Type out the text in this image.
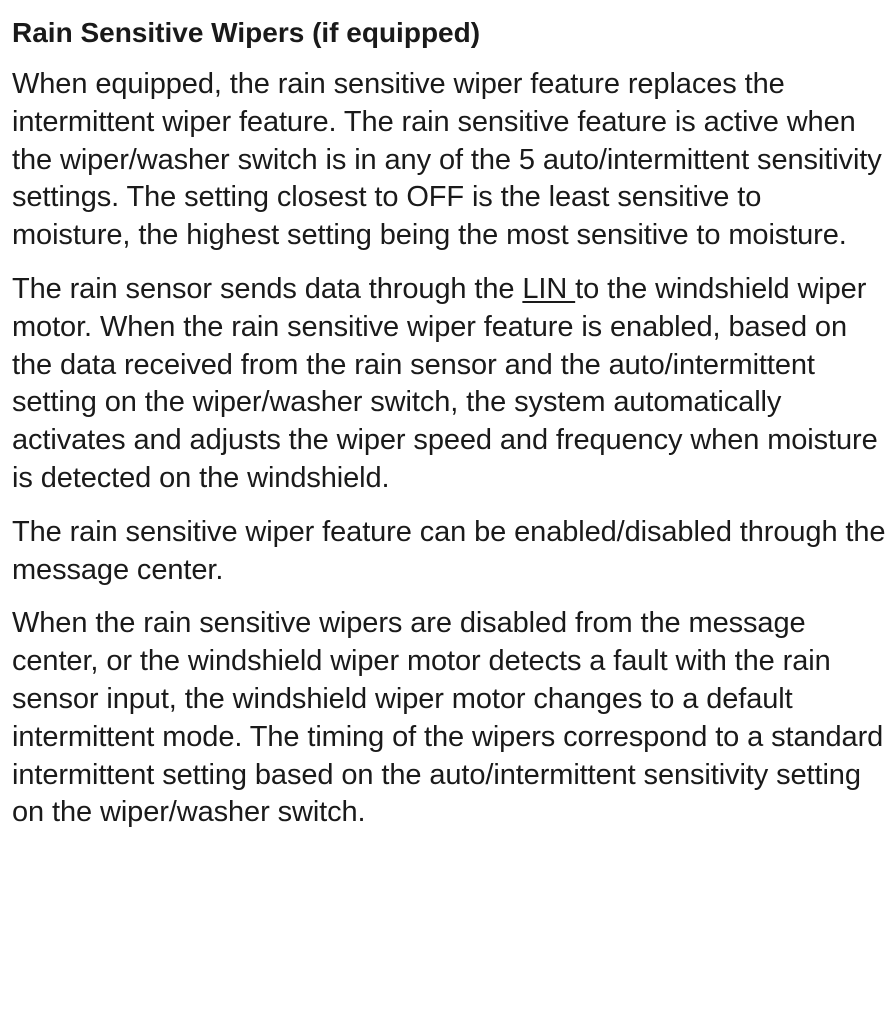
Rain Sensitive Wipers (if equipped)

When equipped, the rain sensitive wiper feature replaces the intermittent wiper feature. The rain sensitive feature is active when the wiper/washer switch is in any of the 5 auto/intermittent sensitivity settings. The setting closest to OFF is the least sensitive to moisture, the highest setting being the most sensitive to moisture.

The rain sensor sends data through the LIN to the windshield wiper motor. When the rain sensitive wiper feature is enabled, based on the data received from the rain sensor and the auto/intermittent setting on the wiper/washer switch, the system automatically activates and adjusts the wiper speed and frequency when moisture is detected on the windshield.

The rain sensitive wiper feature can be enabled/disabled through the message center.

When the rain sensitive wipers are disabled from the message center, or the windshield wiper motor detects a fault with the rain sensor input, the windshield wiper motor changes to a default intermittent mode. The timing of the wipers correspond to a standard intermittent setting based on the auto/intermittent sensitivity setting on the wiper/washer switch.
